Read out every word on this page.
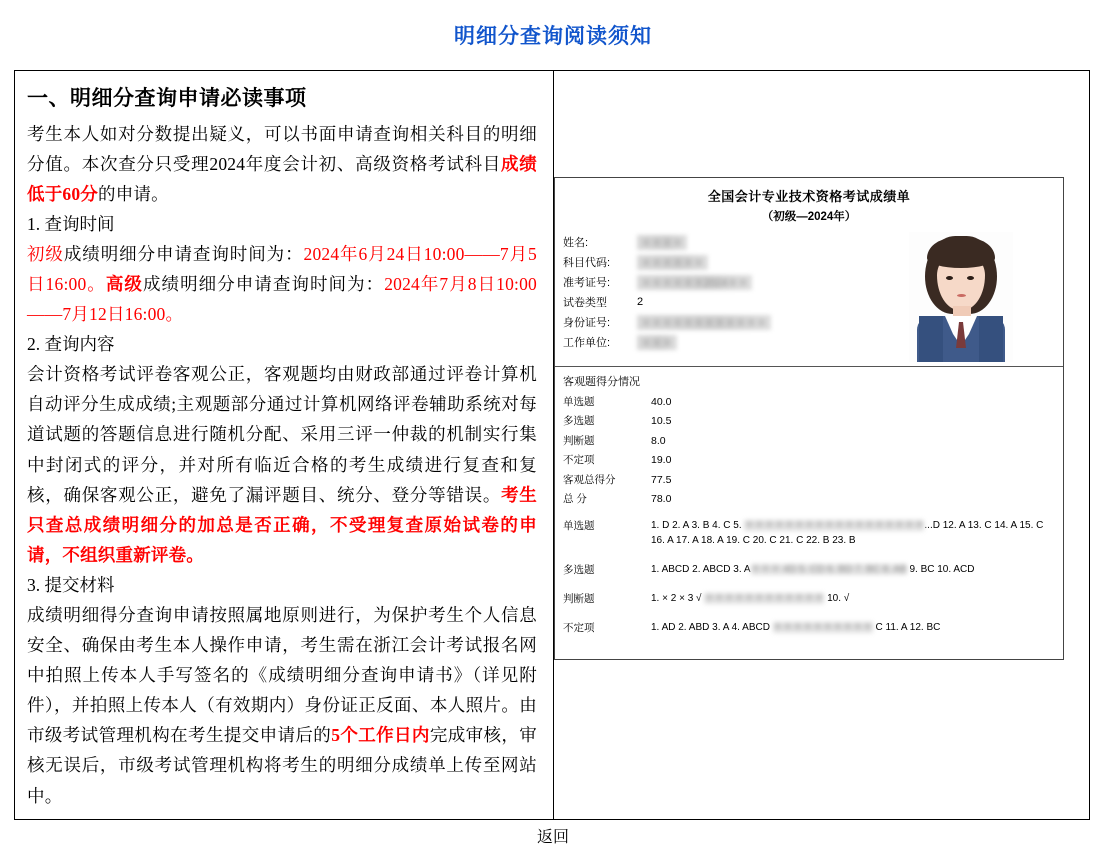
明细分查询阅读须知
一、明细分查询申请必读事项

考生本人如对分数提出疑义，可以书面申请查询相关科目的明细分值。本次查分只受理2024年度会计初、高级资格考试科目成绩低于60分的申请。

1. 查询时间

初级成绩明细分申请查询时间为：2024年6月24日10:00——7月5日16:00。高级成绩明细分申请查询时间为：2024年7月8日10:00——7月12日16:00。

2. 查询内容

会计资格考试评卷客观公正，客观题均由财政部通过评卷计算机自动评分生成成绩;主观题部分通过计算机网络评卷辅助系统对每道试题的答题信息进行随机分配、采用三评一仲裁的机制实行集中封闭式的评分，并对所有临近合格的考生成绩进行复查和复核，确保客观公正，避免了漏评题目、统分、登分等错误。考生只查总成绩明细分的加总是否正确，不受理复查原始试卷的申请，不组织重新评卷。

3. 提交材料

成绩明细得分查询申请按照属地原则进行，为保护考生个人信息安全、确保由考生本人操作申请，考生需在浙江会计考试报名网中拍照上传本人手写签名的《成绩明细分查询申请书》（详见附件），并拍照上传本人（有效期内）身份证正反面、本人照片。由市级考试管理机构在考生提交申请后的5个工作日内完成审核，审核无误后，市级考试管理机构将考生的明细分成绩单上传至网站中。

全国会计专业技术资格考试成绩单
（初级—2024年）
姓名:	＊＊＊＊
科目代码:	＊＊＊＊＊＊
准考证号:	＊＊＊＊＊＊2024＊＊
试卷类型	2
身份证号:	＊＊＊＊＊＊＊＊＊＊＊＊
工作单位:	＊＊＊
客观题得分情况
单选题	40.0
多选题	10.5
判断题	8.0
不定项	19.0
客观总得分	77.5
总 分	78.0
单选题	1. D 2. A 3. B 4. C 5. ＊＊＊＊＊＊＊＊＊＊＊＊＊＊＊＊＊＊...D 12. A 13. C 14. A 15. C 16. A 17. A 18. A 19. C 20. C 21. C 22. B 23. B
多选题	1. ABCD 2. ABCD 3. A＊＊＊ 4D 5. CD 6. BD 7. BC 8. AB 9. BC 10. ACD
判断题	1. × 2 × 3 √ ＊＊＊＊＊＊＊＊＊＊＊＊ 10. √
不定项	1. AD 2. ABD 3. A 4. ABCD ＊＊＊＊＊＊＊＊＊＊ C 11. A 12. BC
返回
